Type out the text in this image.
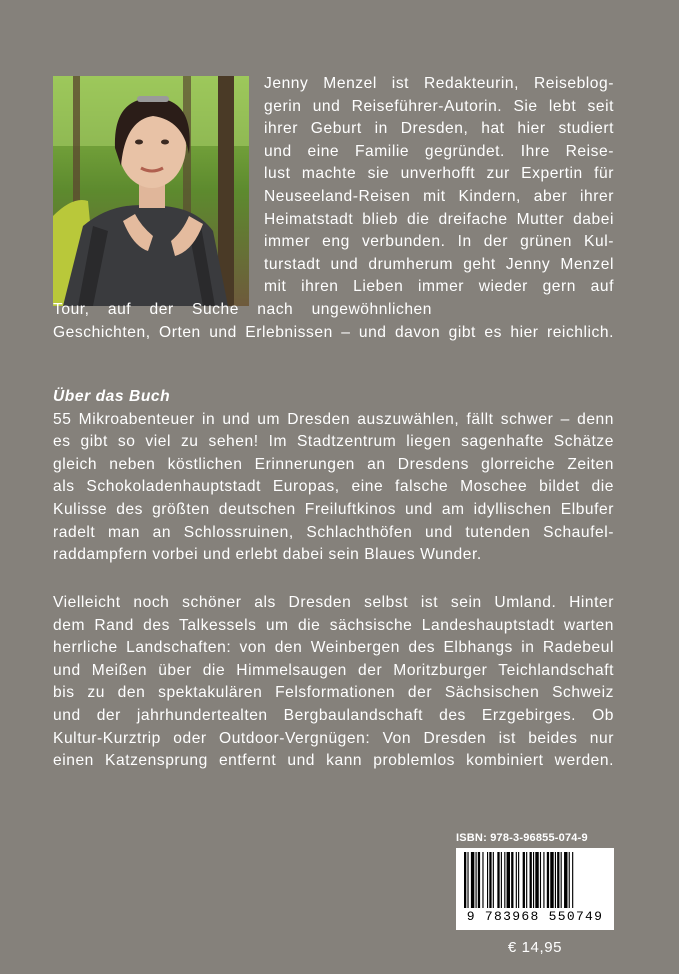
Jenny Menzel ist Redakteurin, Reiseblog-
gerin und Reiseführer-Autorin. Sie lebt seit
ihrer Geburt in Dresden, hat hier studiert
und eine Familie gegründet. Ihre Reise-
lust machte sie unverhofft zur Expertin für
Neuseeland-Reisen mit Kindern, aber ihrer
Heimatstadt blieb die dreifache Mutter dabei
immer eng verbunden. In der grünen Kul-
turstadt und drumherum geht Jenny Menzel
mit ihren Lieben immer wieder gern auf
Tour, auf der Suche nach ungewöhnlichen
Geschichten, Orten und Erlebnissen – und davon gibt es hier reichlich.
Über das Buch
55 Mikroabenteuer in und um Dresden auszuwählen, fällt schwer – denn
es gibt so viel zu sehen! Im Stadtzentrum liegen sagenhafte Schätze
gleich neben köstlichen Erinnerungen an Dresdens glorreiche Zeiten
als Schokoladenhauptstadt Europas, eine falsche Moschee bildet die
Kulisse des größten deutschen Freiluftkinos und am idyllischen Elbufer
radelt man an Schlossruinen, Schlachthöfen und tutenden Schaufel-
raddampfern vorbei und erlebt dabei sein Blaues Wunder.
Vielleicht noch schöner als Dresden selbst ist sein Umland. Hinter
dem Rand des Talkessels um die sächsische Landeshauptstadt warten
herrliche Landschaften: von den Weinbergen des Elbhangs in Radebeul
und Meißen über die Himmelsaugen der Moritzburger Teichlandschaft
bis zu den spektakulären Felsformationen der Sächsischen Schweiz
und der jahrhundertealten Bergbaulandschaft des Erzgebirges. Ob
Kultur-Kurztrip oder Outdoor-Vergnügen: Von Dresden ist beides nur
einen Katzensprung entfernt und kann problemlos kombiniert werden.
ISBN: 978-3-96855-074-9
9 783968 550749
€ 14,95
